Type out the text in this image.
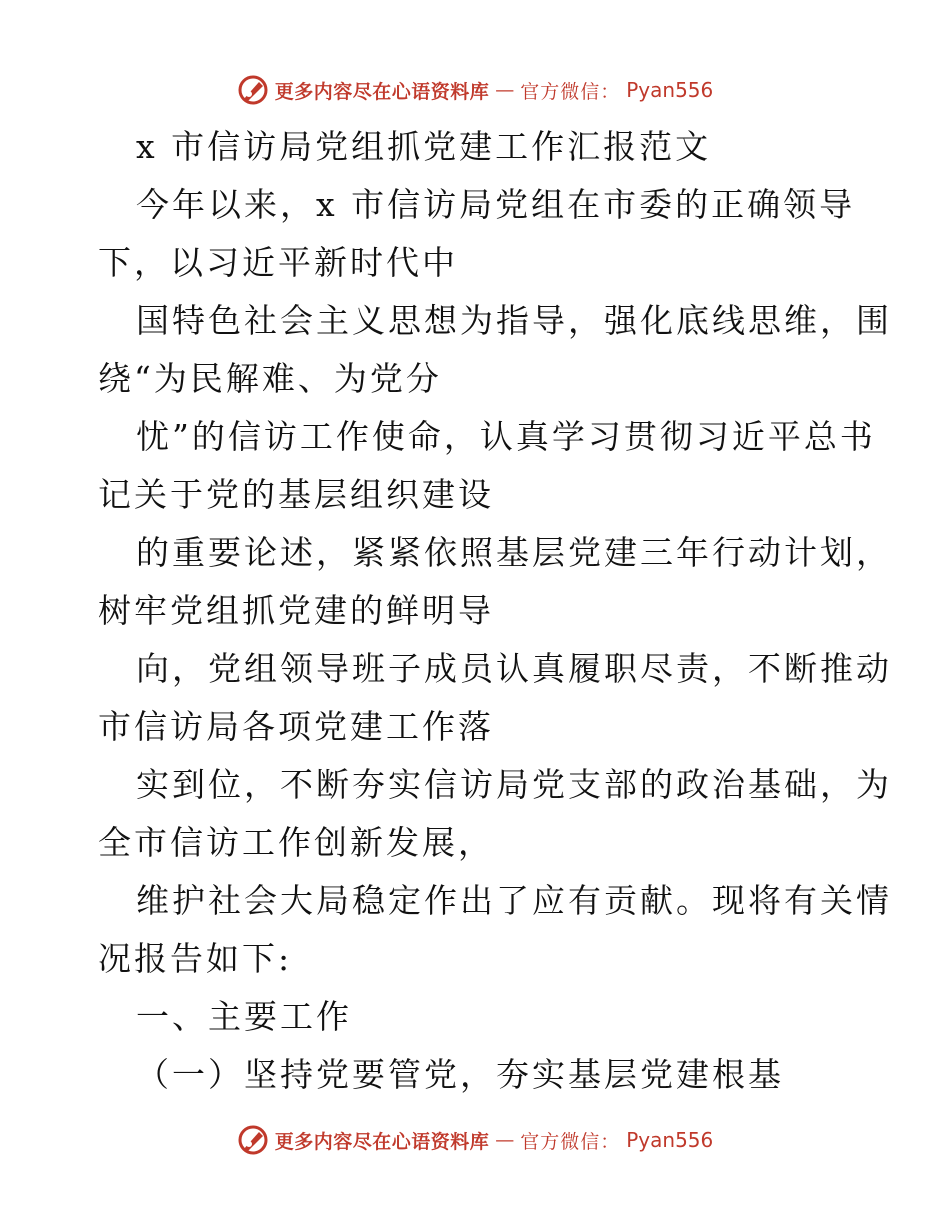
更多内容尽在心语资料库 — 官方微信： Pyan556
x 市信访局党组抓党建工作汇报范文
今年以来，x 市信访局党组在市委的正确领导
下，以习近平新时代中
国特色社会主义思想为指导，强化底线思维，围
绕“为民解难、为党分
忧”的信访工作使命，认真学习贯彻习近平总书
记关于党的基层组织建设
的重要论述，紧紧依照基层党建三年行动计划，
树牢党组抓党建的鲜明导
向，党组领导班子成员认真履职尽责，不断推动
市信访局各项党建工作落
实到位，不断夯实信访局党支部的政治基础，为
全市信访工作创新发展，
维护社会大局稳定作出了应有贡献。现将有关情
况报告如下:
一、主要工作
（一）坚持党要管党，夯实基层党建根基
更多内容尽在心语资料库 — 官方微信： Pyan556
